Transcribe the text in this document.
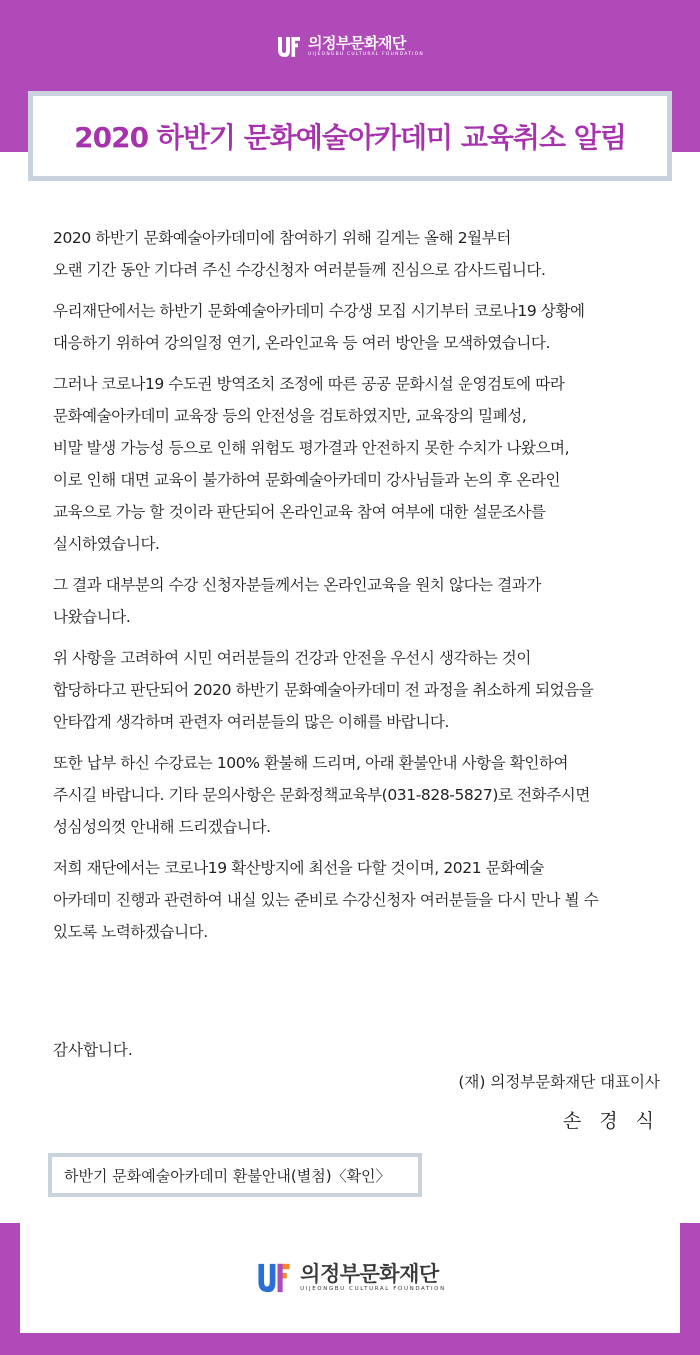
의정부문화재단
UIJEONGBU CULTURAL FOUNDATION
2020 하반기 문화예술아카데미 교육취소 알림

2020 하반기 문화예술아카데미에 참여하기 위해 길게는 올해 2월부터
오랜 기간 동안 기다려 주신 수강신청자 여러분들께 진심으로 감사드립니다.

우리재단에서는 하반기 문화예술아카데미 수강생 모집 시기부터 코로나19 상황에
대응하기 위하여 강의일정 연기, 온라인교육 등 여러 방안을 모색하였습니다.

그러나 코로나19 수도권 방역조치 조정에 따른 공공 문화시설 운영검토에 따라
문화예술아카데미 교육장 등의 안전성을 검토하였지만, 교육장의 밀폐성,
비말 발생 가능성 등으로 인해 위험도 평가결과 안전하지 못한 수치가 나왔으며,
이로 인해 대면 교육이 불가하여 문화예술아카데미 강사님들과 논의 후 온라인
교육으로 가능 할 것이라 판단되어 온라인교육 참여 여부에 대한 설문조사를
실시하였습니다.

그 결과 대부분의 수강 신청자분들께서는 온라인교육을 원치 않다는 결과가
나왔습니다.

위 사항을 고려하여 시민 여러분들의 건강과 안전을 우선시 생각하는 것이
합당하다고 판단되어 2020 하반기 문화예술아카데미 전 과정을 취소하게 되었음을
안타깝게 생각하며 관련자 여러분들의 많은 이해를 바랍니다.

또한 납부 하신 수강료는 100% 환불해 드리며, 아래 환불안내 사항을 확인하여
주시길 바랍니다. 기타 문의사항은 문화정책교육부(031-828-5827)로 전화주시면
성심성의껏 안내해 드리겠습니다.

저희 재단에서는 코로나19 확산방지에 최선을 다할 것이며, 2021 문화예술
아카데미 진행과 관련하여 내실 있는 준비로 수강신청자 여러분들을 다시 만나 뵐 수
있도록 노력하겠습니다.

감사합니다.
(재) 의정부문화재단 대표이사
손 경 식
하반기 문화예술아카데미 환불안내(별첨)〈확인〉
의정부문화재단
UIJEONGBU CULTURAL FOUNDATION
